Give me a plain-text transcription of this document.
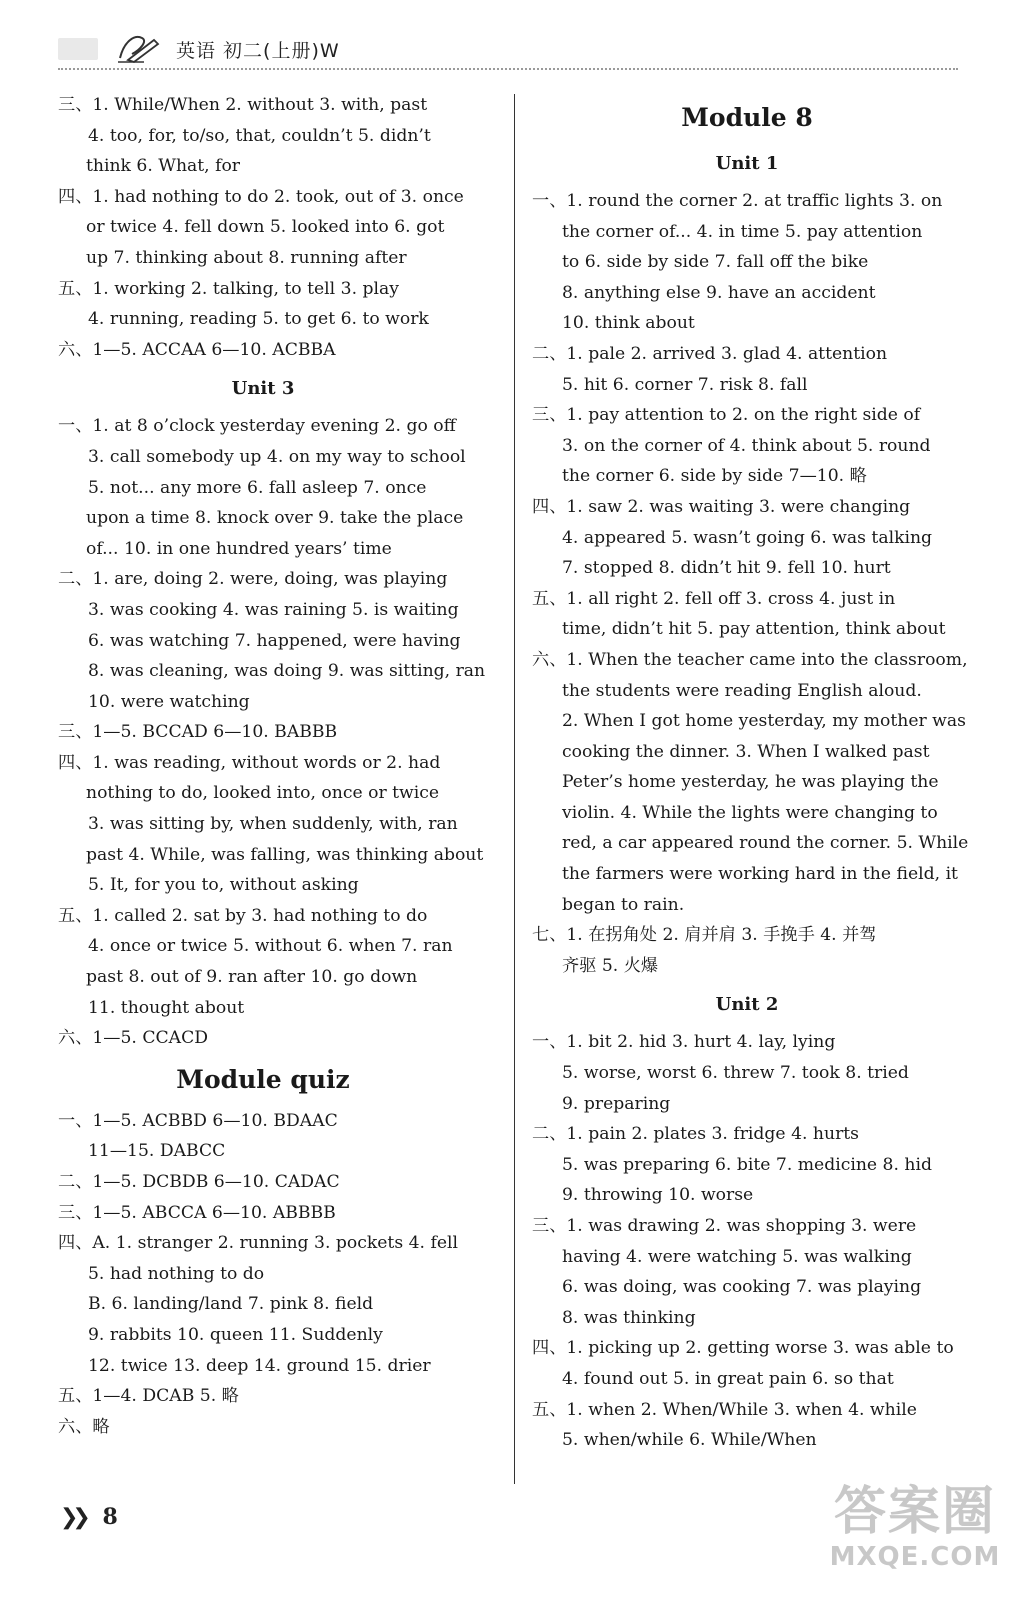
英语 初二(上册)W
三、1. While/When 2. without 3. with, past
4. too, for, to/so, that, couldn’t 5. didn’t
think 6. What, for
四、1. had nothing to do 2. took, out of 3. once
or twice 4. fell down 5. looked into 6. got
up 7. thinking about 8. running after
五、1. working 2. talking, to tell 3. play
4. running, reading 5. to get 6. to work
六、1—5. ACCAA 6—10. ACBBA
Unit 3
一、1. at 8 o’clock yesterday evening 2. go off
3. call somebody up 4. on my way to school
5. not... any more 6. fall asleep 7. once
upon a time 8. knock over 9. take the place
of... 10. in one hundred years’ time
二、1. are, doing 2. were, doing, was playing
3. was cooking 4. was raining 5. is waiting
6. was watching 7. happened, were having
8. was cleaning, was doing 9. was sitting, ran
10. were watching
三、1—5. BCCAD 6—10. BABBB
四、1. was reading, without words or 2. had
nothing to do, looked into, once or twice
3. was sitting by, when suddenly, with, ran
past 4. While, was falling, was thinking about
5. It, for you to, without asking
五、1. called 2. sat by 3. had nothing to do
4. once or twice 5. without 6. when 7. ran
past 8. out of 9. ran after 10. go down
11. thought about
六、1—5. CCACD
Module quiz
一、1—5. ACBBD 6—10. BDAAC
11—15. DABCC
二、1—5. DCBDB 6—10. CADAC
三、1—5. ABCCA 6—10. ABBBB
四、A. 1. stranger 2. running 3. pockets 4. fell
5. had nothing to do
B. 6. landing/land 7. pink 8. field
9. rabbits 10. queen 11. Suddenly
12. twice 13. deep 14. ground 15. drier
五、1—4. DCAB 5. 略
六、略
Module 8
Unit 1
一、1. round the corner 2. at traffic lights 3. on
the corner of... 4. in time 5. pay attention
to 6. side by side 7. fall off the bike
8. anything else 9. have an accident
10. think about
二、1. pale 2. arrived 3. glad 4. attention
5. hit 6. corner 7. risk 8. fall
三、1. pay attention to 2. on the right side of
3. on the corner of 4. think about 5. round
the corner 6. side by side 7—10. 略
四、1. saw 2. was waiting 3. were changing
4. appeared 5. wasn’t going 6. was talking
7. stopped 8. didn’t hit 9. fell 10. hurt
五、1. all right 2. fell off 3. cross 4. just in
time, didn’t hit 5. pay attention, think about
六、1. When the teacher came into the classroom,
the students were reading English aloud.
2. When I got home yesterday, my mother was
cooking the dinner. 3. When I walked past
Peter’s home yesterday, he was playing the
violin. 4. While the lights were changing to
red, a car appeared round the corner. 5. While
the farmers were working hard in the field, it
began to rain.
七、1. 在拐角处 2. 肩并肩 3. 手挽手 4. 并驾
齐驱 5. 火爆
Unit 2
一、1. bit 2. hid 3. hurt 4. lay, lying
5. worse, worst 6. threw 7. took 8. tried
9. preparing
二、1. pain 2. plates 3. fridge 4. hurts
5. was preparing 6. bite 7. medicine 8. hid
9. throwing 10. worse
三、1. was drawing 2. was shopping 3. were
having 4. were watching 5. was walking
6. was doing, was cooking 7. was playing
8. was thinking
四、1. picking up 2. getting worse 3. was able to
4. found out 5. in great pain 6. so that
五、1. when 2. When/While 3. when 4. while
5. when/while 6. While/When
❯❯ 8	答案圈
MXQE.COM
